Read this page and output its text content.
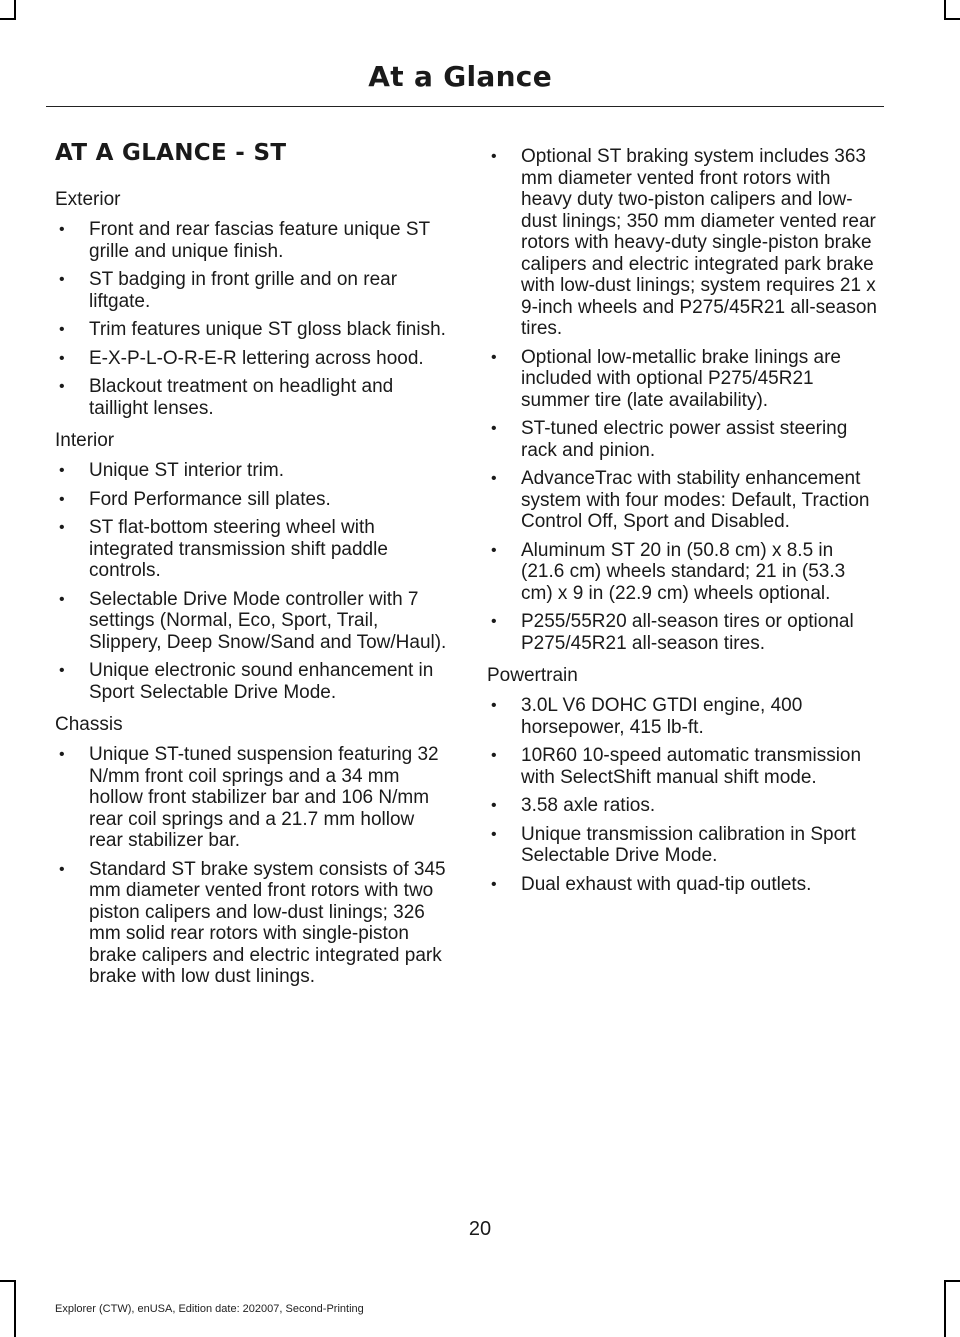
At a Glance
AT A GLANCE - ST
Exterior
• Front and rear fascias feature unique ST grille and unique finish.
• ST badging in front grille and on rear liftgate.
• Trim features unique ST gloss black finish.
• E-X-P-L-O-R-E-R lettering across hood.
• Blackout treatment on headlight and taillight lenses.
Interior
• Unique ST interior trim.
• Ford Performance sill plates.
• ST flat-bottom steering wheel with integrated transmission shift paddle controls.
• Selectable Drive Mode controller with 7 settings (Normal, Eco, Sport, Trail, Slippery, Deep Snow/Sand and Tow/Haul).
• Unique electronic sound enhancement in Sport Selectable Drive Mode.
Chassis
• Unique ST-tuned suspension featuring 32 N/mm front coil springs and a 34 mm hollow front stabilizer bar and 106 N/mm rear coil springs and a 21.7 mm hollow rear stabilizer bar.
• Standard ST brake system consists of 345 mm diameter vented front rotors with two piston calipers and low-dust linings; 326 mm solid rear rotors with single-piston brake calipers and electric integrated park brake with low dust linings.
• Optional ST braking system includes 363 mm diameter vented front rotors with heavy duty two-piston calipers and low-dust linings; 350 mm diameter vented rear rotors with heavy-duty single-piston brake calipers and electric integrated park brake with low-dust linings; system requires 21 x 9-inch wheels and P275/45R21 all-season tires.
• Optional low-metallic brake linings are included with optional P275/45R21 summer tire (late availability).
• ST-tuned electric power assist steering rack and pinion.
• AdvanceTrac with stability enhancement system with four modes: Default, Traction Control Off, Sport and Disabled.
• Aluminum ST 20 in (50.8 cm) x 8.5 in (21.6 cm) wheels standard; 21 in (53.3 cm) x 9 in (22.9 cm) wheels optional.
• P255/55R20 all-season tires or optional P275/45R21 all-season tires.
Powertrain
• 3.0L V6 DOHC GTDI engine, 400 horsepower, 415 lb-ft.
• 10R60 10-speed automatic transmission with SelectShift manual shift mode.
• 3.58 axle ratios.
• Unique transmission calibration in Sport Selectable Drive Mode.
• Dual exhaust with quad-tip outlets.
20
Explorer (CTW), enUSA, Edition date: 202007, Second-Printing
